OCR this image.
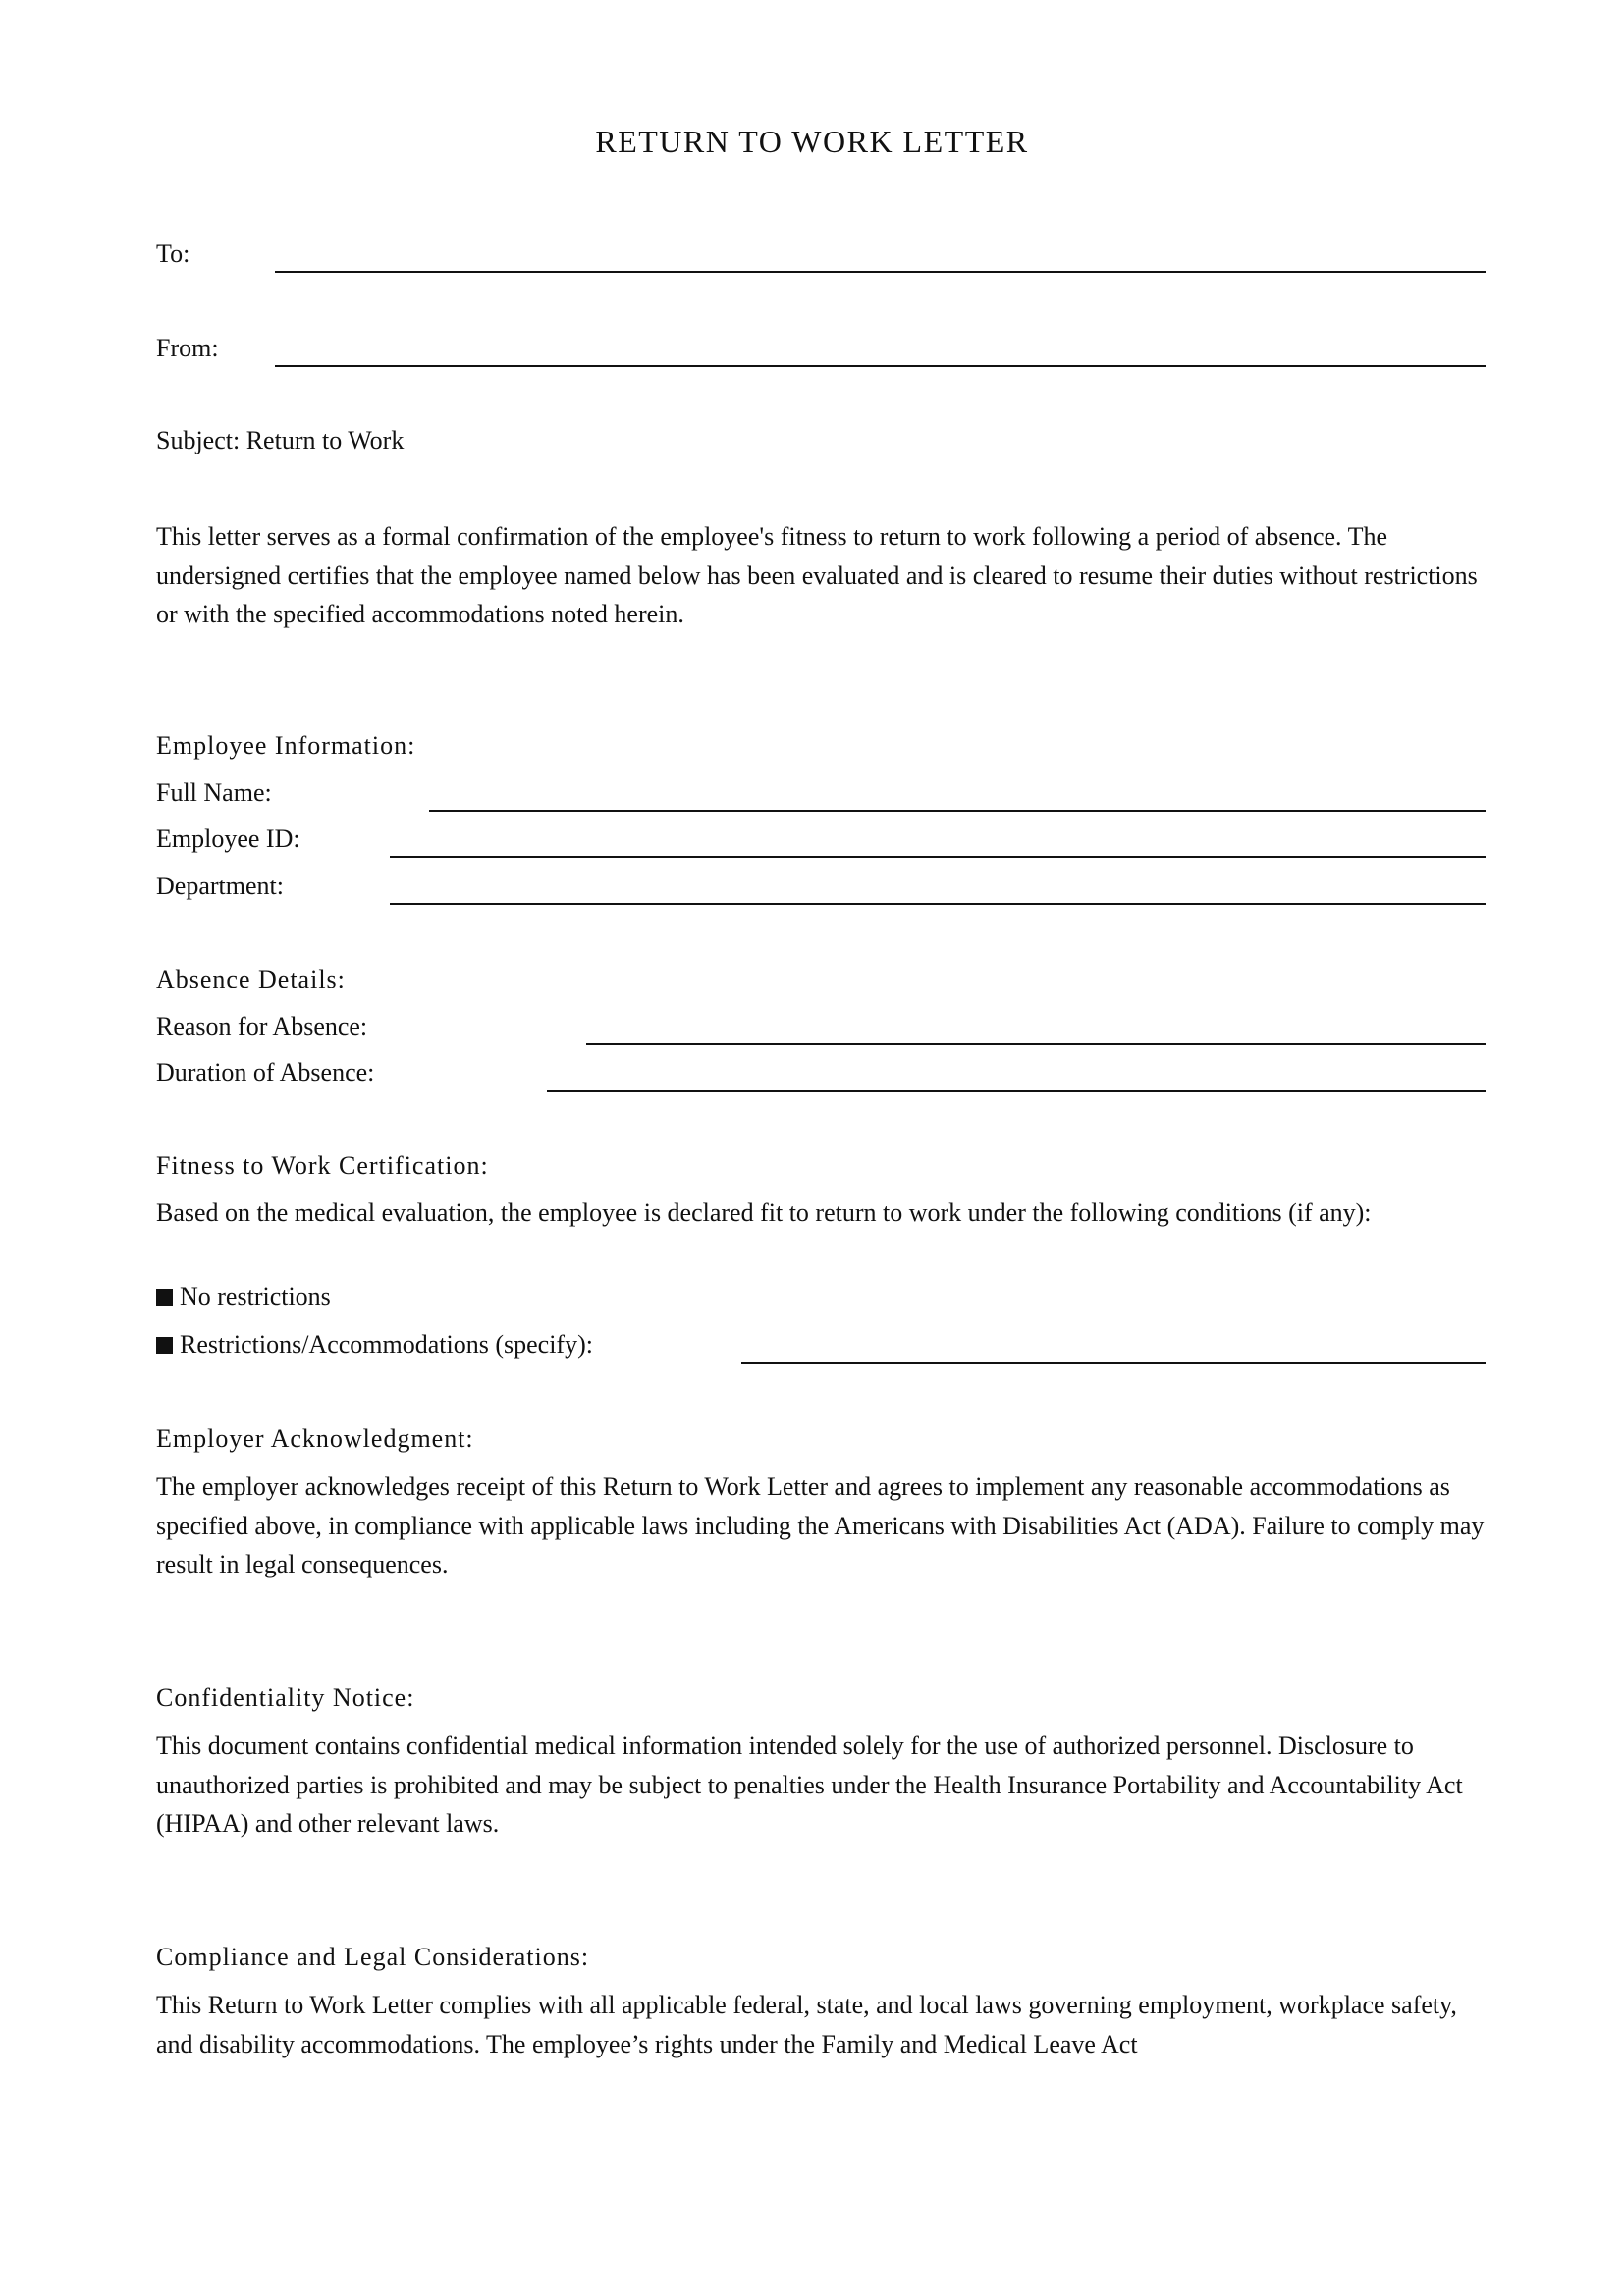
RETURN TO WORK LETTER
To:
From:
Subject: Return to Work
This letter serves as a formal confirmation of the employee's fitness to return to work following a period of absence. The undersigned certifies that the employee named below has been evaluated and is cleared to resume their duties without restrictions or with the specified accommodations noted herein.
Employee Information:
Full Name:
Employee ID:
Department:
Absence Details:
Reason for Absence:
Duration of Absence:
Fitness to Work Certification:
Based on the medical evaluation, the employee is declared fit to return to work under the following conditions (if any):
No restrictions
Restrictions/Accommodations (specify):
Employer Acknowledgment:
The employer acknowledges receipt of this Return to Work Letter and agrees to implement any reasonable accommodations as specified above, in compliance with applicable laws including the Americans with Disabilities Act (ADA). Failure to comply may result in legal consequences.
Confidentiality Notice:
This document contains confidential medical information intended solely for the use of authorized personnel. Disclosure to unauthorized parties is prohibited and may be subject to penalties under the Health Insurance Portability and Accountability Act (HIPAA) and other relevant laws.
Compliance and Legal Considerations:
This Return to Work Letter complies with all applicable federal, state, and local laws governing employment, workplace safety, and disability accommodations. The employee’s rights under the Family and Medical Leave Act
